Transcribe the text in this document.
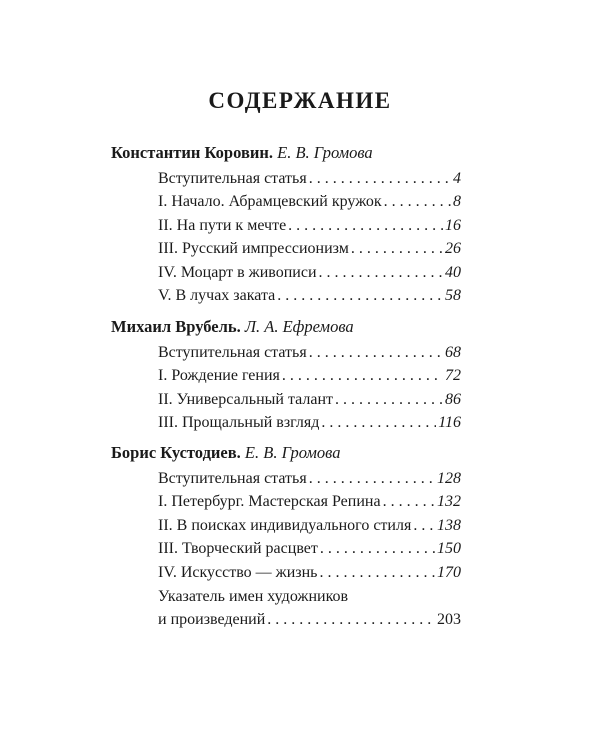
СОДЕРЖАНИЕ
Константин Коровин. Е. В. Громова
Вступительная статья . . .	4
I. Начало. Абрамцевский кружок . . .	8
II. На пути к мечте . . .	16
III. Русский импрессионизм . . .	26
IV. Моцарт в живописи . . .	40
V. В лучах заката . . .	58
Михаил Врубель. Л. А. Ефремова
Вступительная статья . . .	68
I. Рождение гения . . .	72
II. Универсальный талант . . .	86
III. Прощальный взгляд . . .	116
Борис Кустодиев. Е. В. Громова
Вступительная статья . . .	128
I. Петербург. Мастерская Репина . . .	132
II. В поисках индивидуального стиля . . . 138
III. Творческий расцвет . . .	150
IV. Искусство — жизнь . . .	170
Указатель имен художников
и произведений . . .	203
